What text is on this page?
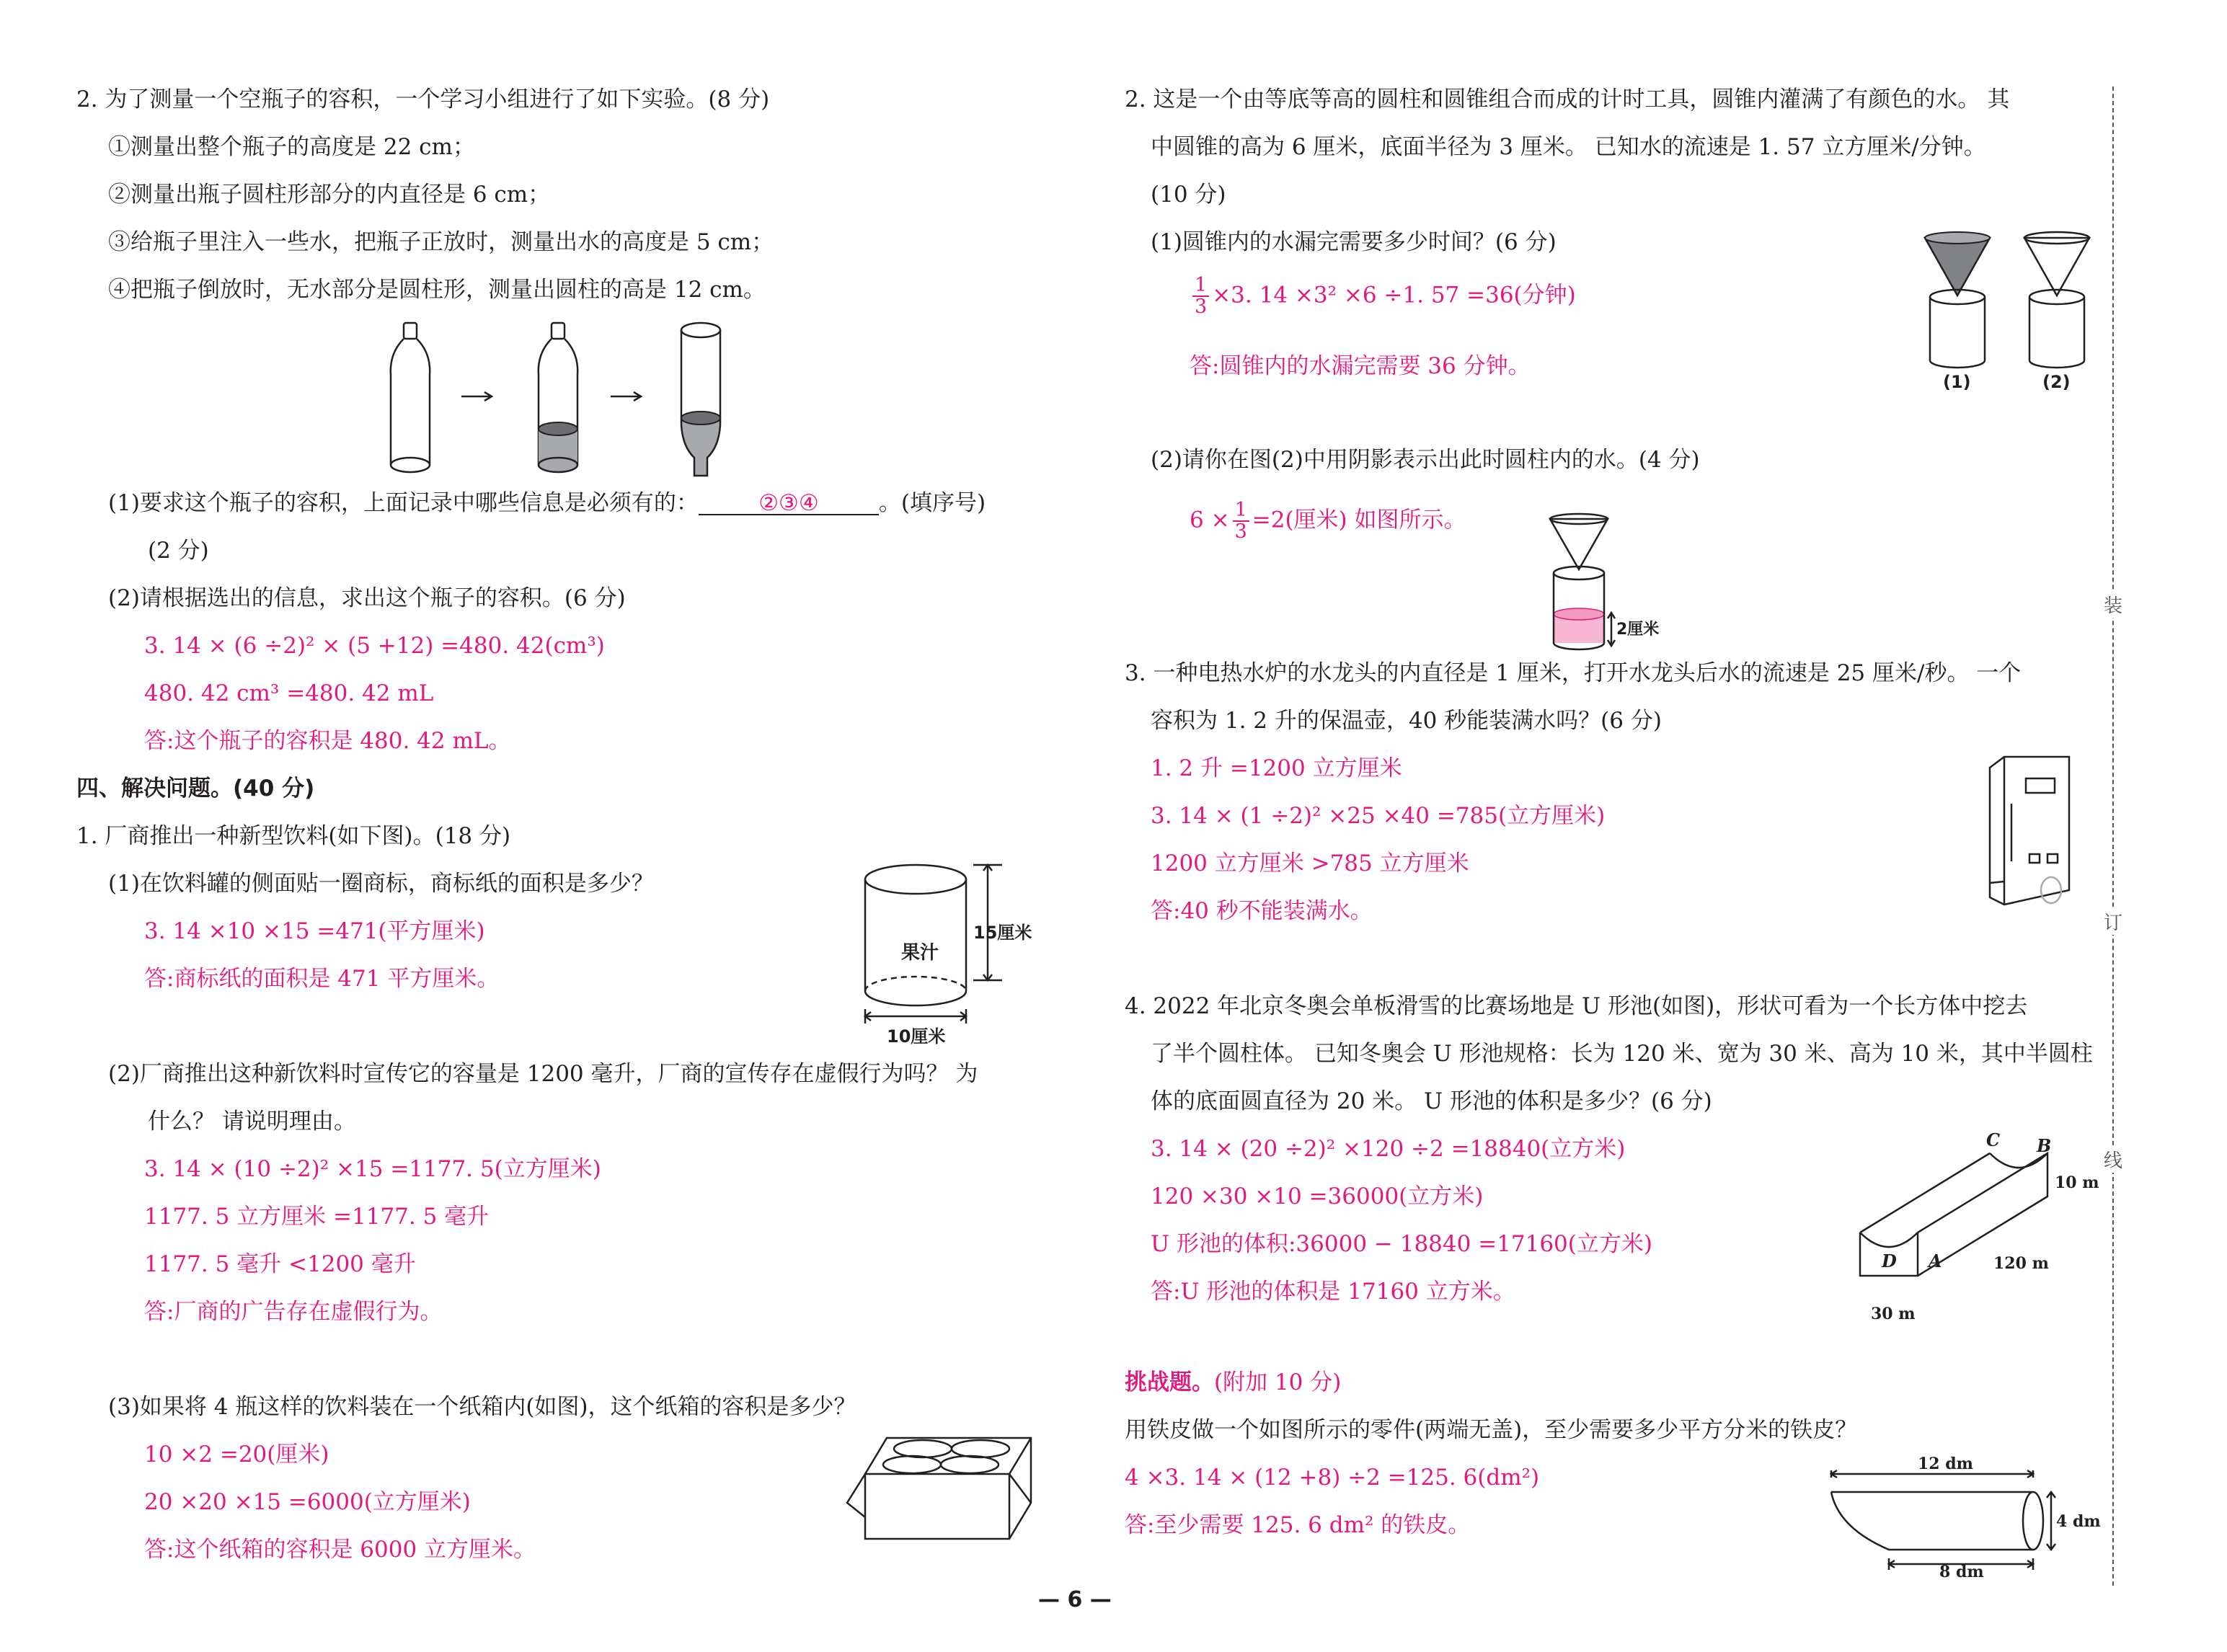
2. 为了测量一个空瓶子的容积，一个学习小组进行了如下实验。(8 分)
①测量出整个瓶子的高度是 22 cm；
②测量出瓶子圆柱形部分的内直径是 6 cm；
③给瓶子里注入一些水，把瓶子正放时，测量出水的高度是 5 cm；
④把瓶子倒放时，无水部分是圆柱形，测量出圆柱的高是 12 cm。
(1)要求这个瓶子的容积，上面记录中哪些信息是必须有的：	②③④	。(填序号)
(2 分)
(2)请根据选出的信息，求出这个瓶子的容积。(6 分)
3. 14 × (6 ÷2)² × (5 +12) =480. 42(cm³)
480. 42 cm³ =480. 42 mL
答:这个瓶子的容积是 480. 42 mL。
四、解决问题。(40 分)
1. 厂商推出一种新型饮料(如下图)。(18 分)
(1)在饮料罐的侧面贴一圈商标，商标纸的面积是多少？
3. 14 ×10 ×15 =471(平方厘米)
答:商标纸的面积是 471 平方厘米。
果汁
15厘米
10厘米
(2)厂商推出这种新饮料时宣传它的容量是 1200 毫升，厂商的宣传存在虚假行为吗？ 为
什么？ 请说明理由。
3. 14 × (10 ÷2)² ×15 =1177. 5(立方厘米)
1177. 5 立方厘米 =1177. 5 毫升
1177. 5 毫升 <1200 毫升
答:厂商的广告存在虚假行为。
(3)如果将 4 瓶这样的饮料装在一个纸箱内(如图)，这个纸箱的容积是多少？
10 ×2 =20(厘米)
20 ×20 ×15 =6000(立方厘米)
答:这个纸箱的容积是 6000 立方厘米。
2. 这是一个由等底等高的圆柱和圆锥组合而成的计时工具，圆锥内灌满了有颜色的水。 其
中圆锥的高为 6 厘米，底面半径为 3 厘米。 已知水的流速是 1. 57 立方厘米/分钟。
(10 分)
(1)圆锥内的水漏完需要多少时间？(6 分)
$\frac{1}{3} \times 3$. 14 ×3² ×6 ÷1. 57 =36(分钟)
答:圆锥内的水漏完需要 36 分钟。
(1)	(2)
(2)请你在图(2)中用阴影表示出此时圆柱内的水。(4 分)
$6 \times \frac{1}{3} =2$(厘米) 如图所示。
2厘米
3. 一种电热水炉的水龙头的内直径是 1 厘米，打开水龙头后水的流速是 25 厘米/秒。 一个
容积为 1. 2 升的保温壶，40 秒能装满水吗？(6 分)
1. 2 升 =1200 立方厘米
3. 14 × (1 ÷2)² ×25 ×40 =785(立方厘米)
1200 立方厘米 >785 立方厘米
答:40 秒不能装满水。
4. 2022 年北京冬奥会单板滑雪的比赛场地是 U 形池(如图)，形状可看为一个长方体中挖去
了半个圆柱体。 已知冬奥会 U 形池规格：长为 120 米、宽为 30 米、高为 10 米，其中半圆柱
体的底面圆直径为 20 米。 U 形池的体积是多少？(6 分)
3. 14 × (20 ÷2)² ×120 ÷2 =18840(立方米)
120 ×30 ×10 =36000(立方米)
U 形池的体积:36000 − 18840 =17160(立方米)
答:U 形池的体积是 17160 立方米。
C B
D A
10 m
120 m
30 m
挑战题。(附加 10 分)
用铁皮做一个如图所示的零件(两端无盖)，至少需要多少平方分米的铁皮？
4 ×3. 14 × (12 +8) ÷2 =125. 6(dm²)
答:至少需要 125. 6 dm² 的铁皮。
12 dm
4 dm
8 dm
装
订
线
— 6 —
